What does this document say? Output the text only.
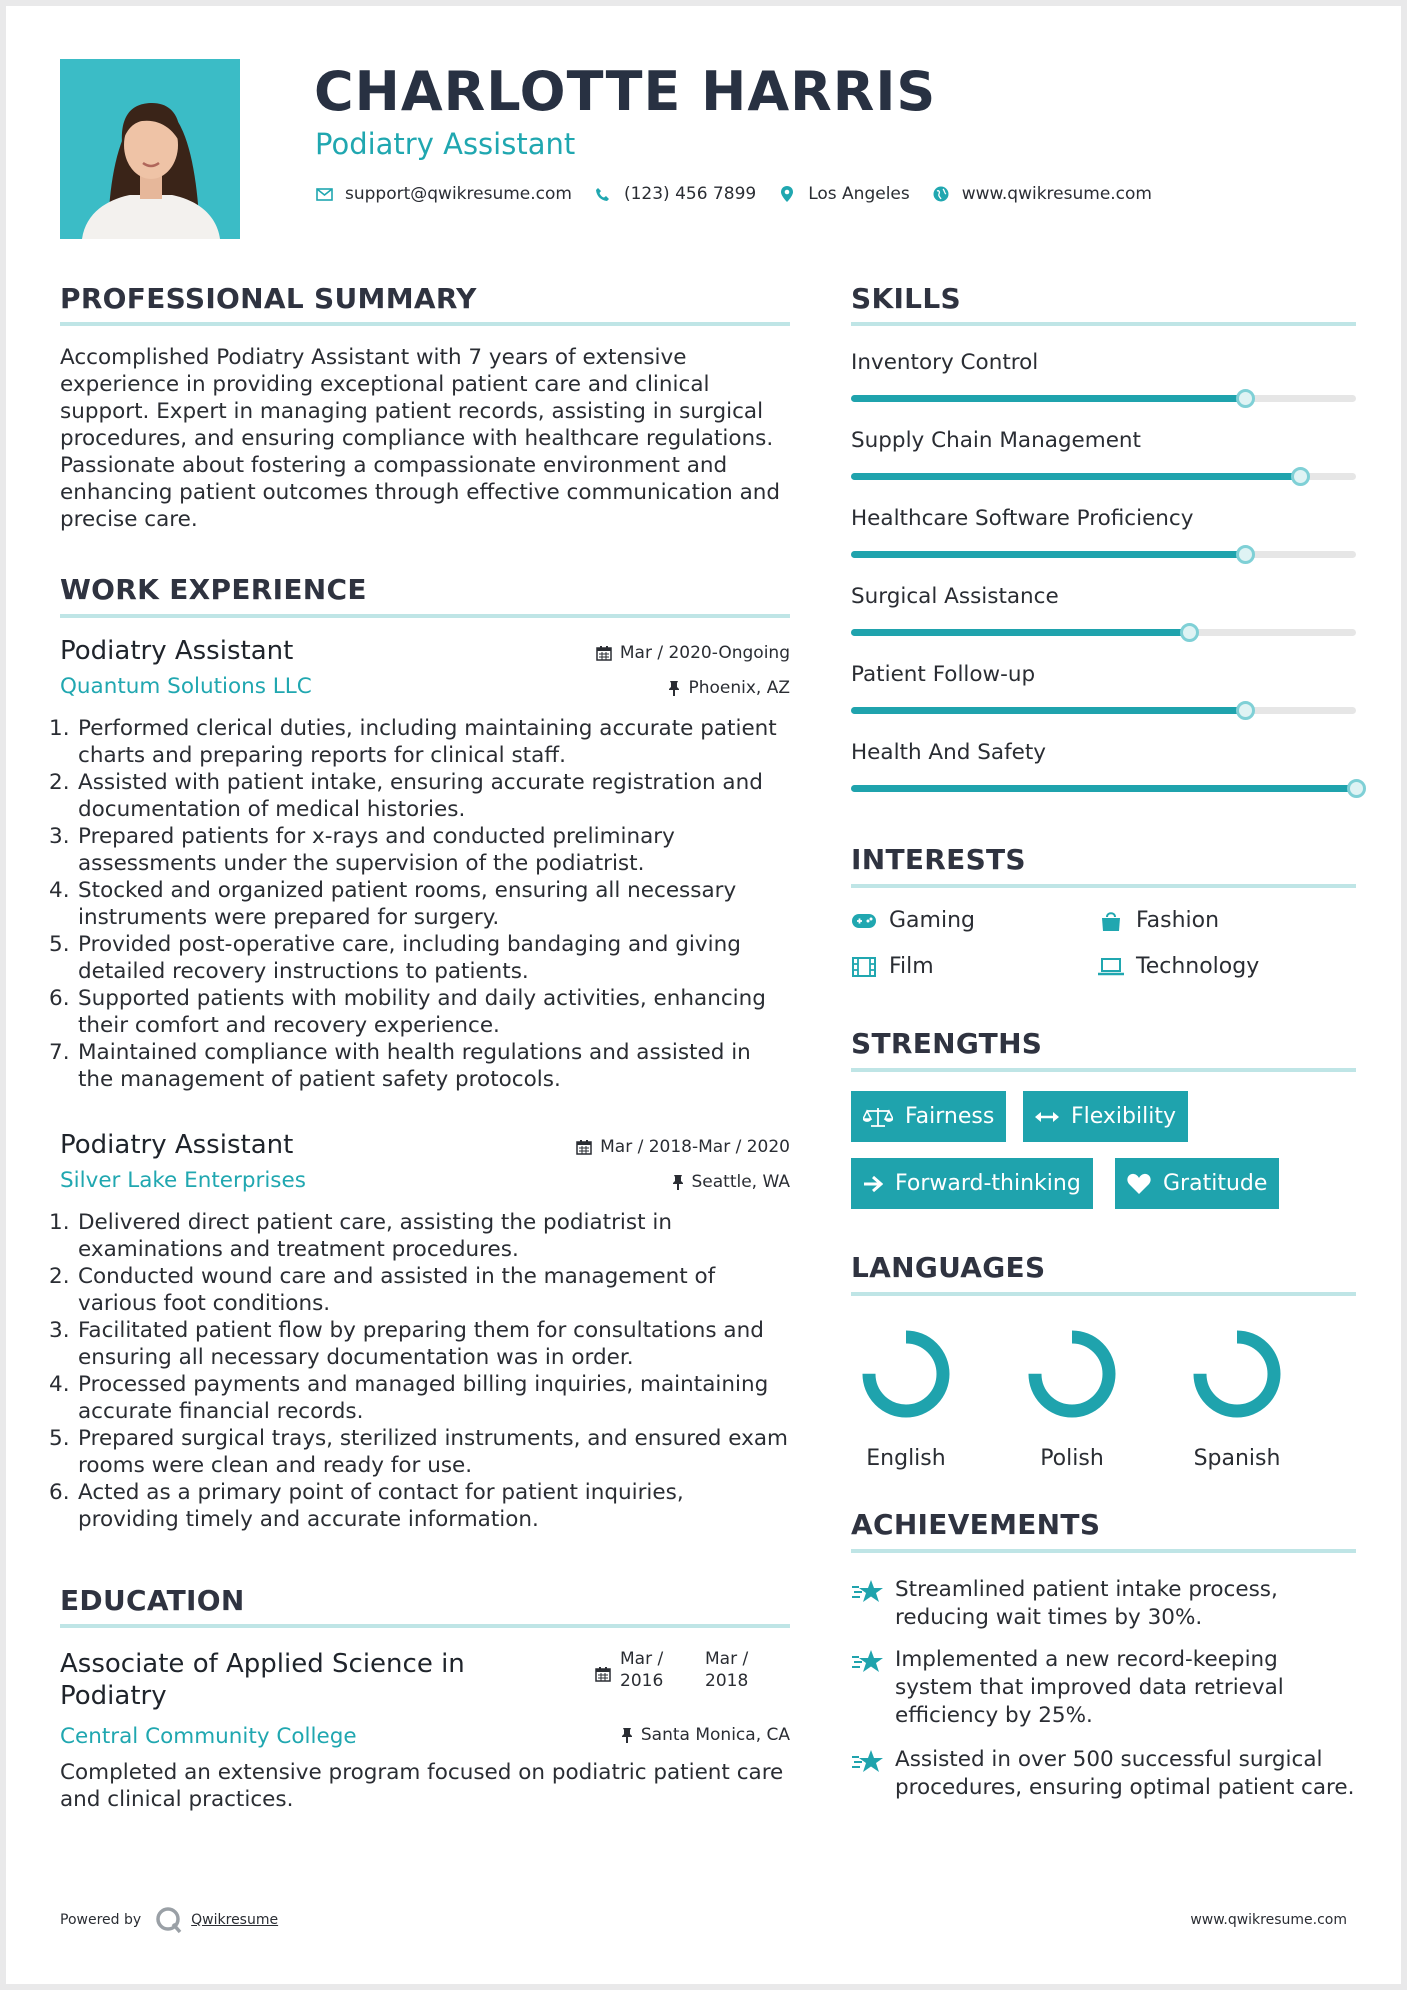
CHARLOTTE HARRIS
Podiatry Assistant
support@qwikresume.com	(123) 456 7899	Los Angeles	www.qwikresume.com
PROFESSIONAL SUMMARY
Accomplished Podiatry Assistant with 7 years of extensive experience in providing exceptional patient care and clinical support. Expert in managing patient records, assisting in surgical procedures, and ensuring compliance with healthcare regulations. Passionate about fostering a compassionate environment and enhancing patient outcomes through effective communication and precise care.
WORK EXPERIENCE
Podiatry Assistant	Mar / 2020-Ongoing
Quantum Solutions LLC	Phoenix, AZ
Performed clerical duties, including maintaining accurate patient charts and preparing reports for clinical staff.
Assisted with patient intake, ensuring accurate registration and documentation of medical histories.
Prepared patients for x-rays and conducted preliminary assessments under the supervision of the podiatrist.
Stocked and organized patient rooms, ensuring all necessary instruments were prepared for surgery.
Provided post-operative care, including bandaging and giving detailed recovery instructions to patients.
Supported patients with mobility and daily activities, enhancing their comfort and recovery experience.
Maintained compliance with health regulations and assisted in the management of patient safety protocols.
Podiatry Assistant	Mar / 2018-Mar / 2020
Silver Lake Enterprises	Seattle, WA
Delivered direct patient care, assisting the podiatrist in examinations and treatment procedures.
Conducted wound care and assisted in the management of various foot conditions.
Facilitated patient flow by preparing them for consultations and ensuring all necessary documentation was in order.
Processed payments and managed billing inquiries, maintaining accurate financial records.
Prepared surgical trays, sterilized instruments, and ensured exam rooms were clean and ready for use.
Acted as a primary point of contact for patient inquiries, providing timely and accurate information.
EDUCATION
Associate of Applied Science in Podiatry
Mar /
2016
Mar /
2018
Central Community College	Santa Monica, CA
Completed an extensive program focused on podiatric patient care and clinical practices.
SKILLS
Inventory Control
Supply Chain Management
Healthcare Software Proficiency
Surgical Assistance
Patient Follow-up
Health And Safety
INTERESTS
Gaming	Fashion
Film	Technology
STRENGTHS
Fairness	Flexibility
Forward-thinking	Gratitude
LANGUAGES
English	Polish	Spanish
ACHIEVEMENTS
Streamlined patient intake process, reducing wait times by 30%.
Implemented a new record-keeping system that improved data retrieval efficiency by 25%.
Assisted in over 500 successful surgical procedures, ensuring optimal patient care.
Powered by	Qwikresume	www.qwikresume.com
